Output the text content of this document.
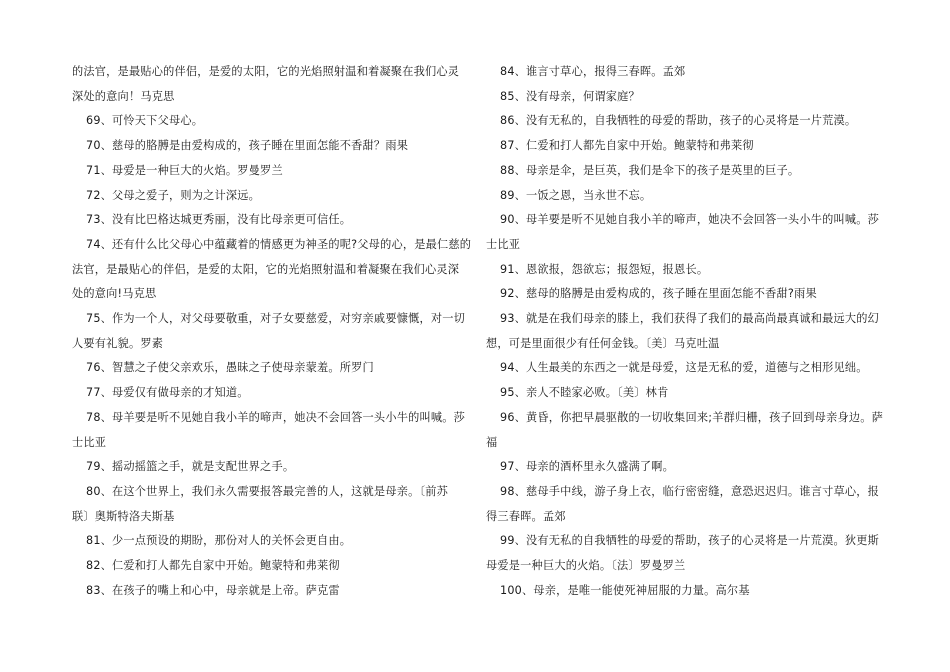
的法官，是最贴心的伴侣，是爱的太阳，它的光焰照射温和着凝聚在我们心灵

深处的意向！马克思

69、可怜天下父母心。

70、慈母的胳膊是由爱构成的，孩子睡在里面怎能不香甜？雨果

71、母爱是一种巨大的火焰。罗曼罗兰

72、父母之爱子，则为之计深远。

73、没有比巴格达城更秀丽，没有比母亲更可信任。

74、还有什么比父母心中蕴藏着的情感更为神圣的呢?父母的心，是最仁慈的

法官，是最贴心的伴侣，是爱的太阳，它的光焰照射温和着凝聚在我们心灵深

处的意向!马克思

75、作为一个人，对父母要敬重，对子女要慈爱，对穷亲戚要慷慨，对一切

人要有礼貌。罗素

76、智慧之子使父亲欢乐，愚昧之子使母亲蒙羞。所罗门

77、母爱仅有做母亲的才知道。

78、母羊要是听不见她自我小羊的啼声，她决不会回答一头小牛的叫喊。莎

士比亚

79、摇动摇篮之手，就是支配世界之手。

80、在这个世界上，我们永久需要报答最完善的人，这就是母亲。〔前苏

联〕奥斯特洛夫斯基

81、少一点预设的期盼，那份对人的关怀会更自由。

82、仁爱和打人都先自家中开始。鲍蒙特和弗莱彻

83、在孩子的嘴上和心中，母亲就是上帝。萨克雷

84、谁言寸草心，报得三春晖。孟郊

85、没有母亲，何谓家庭？

86、没有无私的，自我牺牲的母爱的帮助，孩子的心灵将是一片荒漠。

87、仁爱和打人都先自家中开始。鲍蒙特和弗莱彻

88、母亲是伞，是巨英，我们是伞下的孩子是英里的巨子。

89、一饭之恩，当永世不忘。

90、母羊要是听不见她自我小羊的啼声，她决不会回答一头小牛的叫喊。莎

士比亚

91、恩欲报，怨欲忘；报怨短，报恩长。

92、慈母的胳膊是由爱构成的，孩子睡在里面怎能不香甜?雨果

93、就是在我们母亲的膝上，我们获得了我们的最高尚最真诚和最远大的幻

想，可是里面很少有任何金钱。〔美〕马克吐温

94、人生最美的东西之一就是母爱，这是无私的爱，道德与之相形见绌。

95、亲人不睦家必败。〔美〕林肯

96、黄昏，你把早晨驱散的一切收集回来;羊群归栅，孩子回到母亲身边。萨

福

97、母亲的酒杯里永久盛满了啊。

98、慈母手中线，游子身上衣，临行密密缝，意恐迟迟归。谁言寸草心，报

得三春晖。孟郊

99、没有无私的自我牺牲的母爱的帮助，孩子的心灵将是一片荒漠。狄更斯

母爱是一种巨大的火焰。〔法〕罗曼罗兰

100、母亲，是唯一能使死神屈服的力量。高尔基
